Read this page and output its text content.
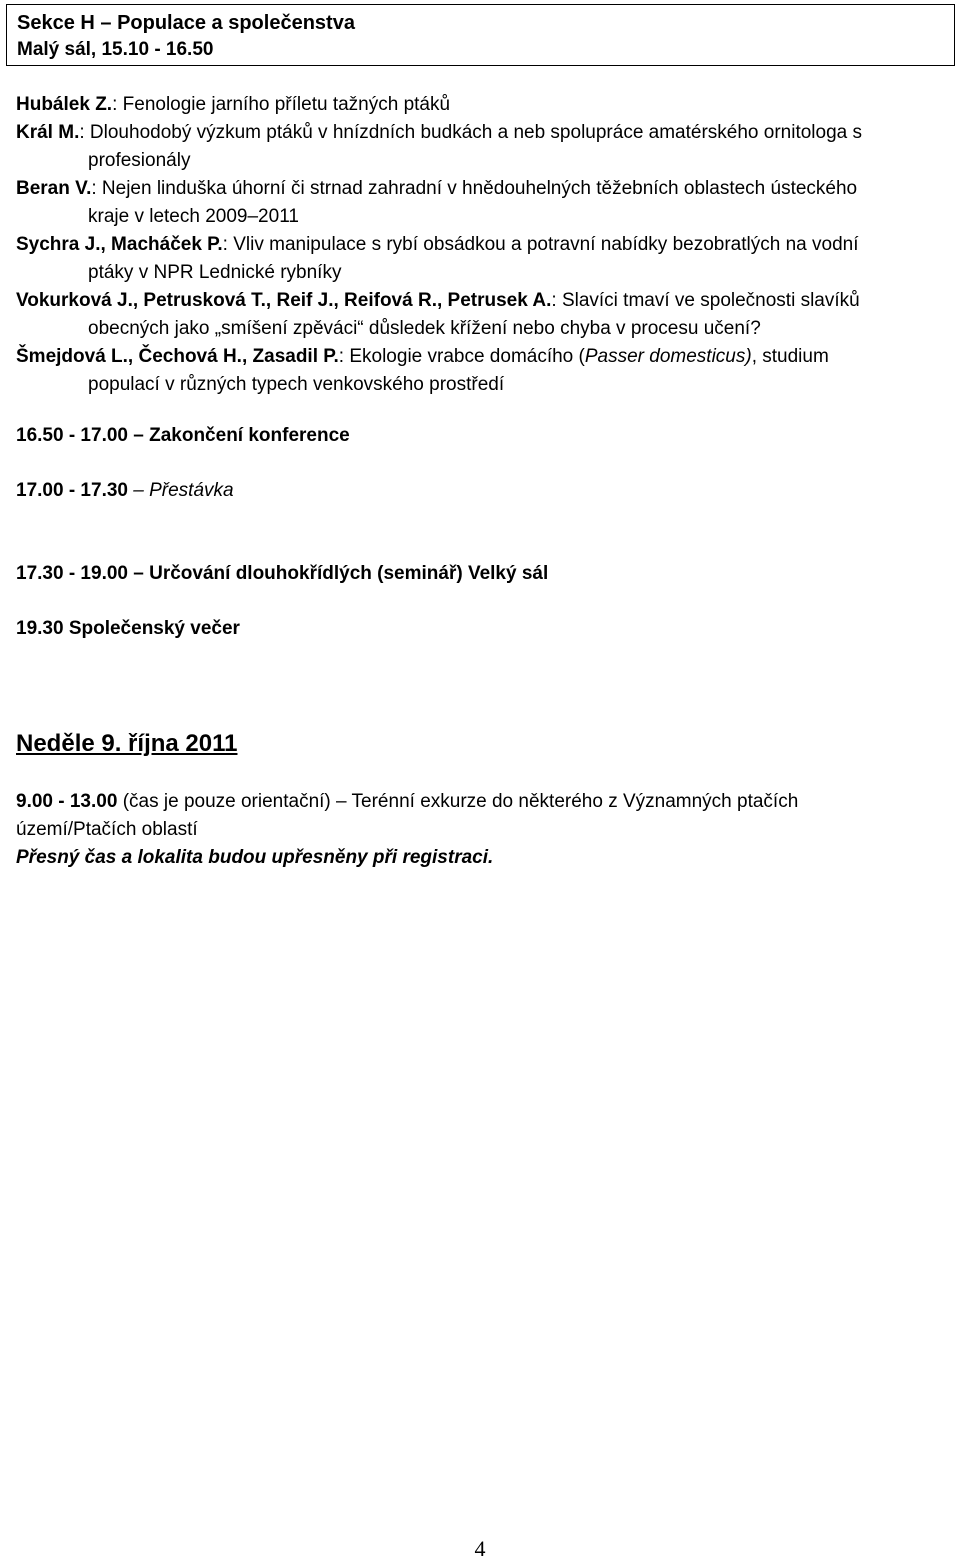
Sekce H – Populace a společenstva
Malý sál, 15.10 - 16.50
Hubálek Z.: Fenologie jarního příletu tažných ptáků
Král M.: Dlouhodobý výzkum ptáků v hnízdních budkách a neb spolupráce amatérského ornitologa s
profesionály
Beran V.: Nejen linduška úhorní či strnad zahradní v hnědouhelných těžebních oblastech ústeckého
kraje v letech 2009–2011
Sychra J., Macháček P.: Vliv manipulace s rybí obsádkou a potravní nabídky bezobratlých na vodní
ptáky v NPR Lednické rybníky
Vokurková J., Petrusková T., Reif J., Reifová R., Petrusek A.: Slavíci tmaví ve společnosti slavíků
obecných jako „smíšení zpěváci“ důsledek křížení nebo chyba v procesu učení?
Šmejdová L., Čechová H., Zasadil P.: Ekologie vrabce domácího (Passer domesticus), studium
populací v různých typech venkovského prostředí
16.50 - 17.00 – Zakončení konference
17.00 - 17.30 – Přestávka
17.30 - 19.00 – Určování dlouhokřídlých (seminář) Velký sál
19.30 Společenský večer
Neděle 9. října 2011
9.00 - 13.00 (čas je pouze orientační) – Terénní exkurze do některého z Významných ptačích
území/Ptačích oblastí
Přesný čas a lokalita budou upřesněny při registraci.
4
